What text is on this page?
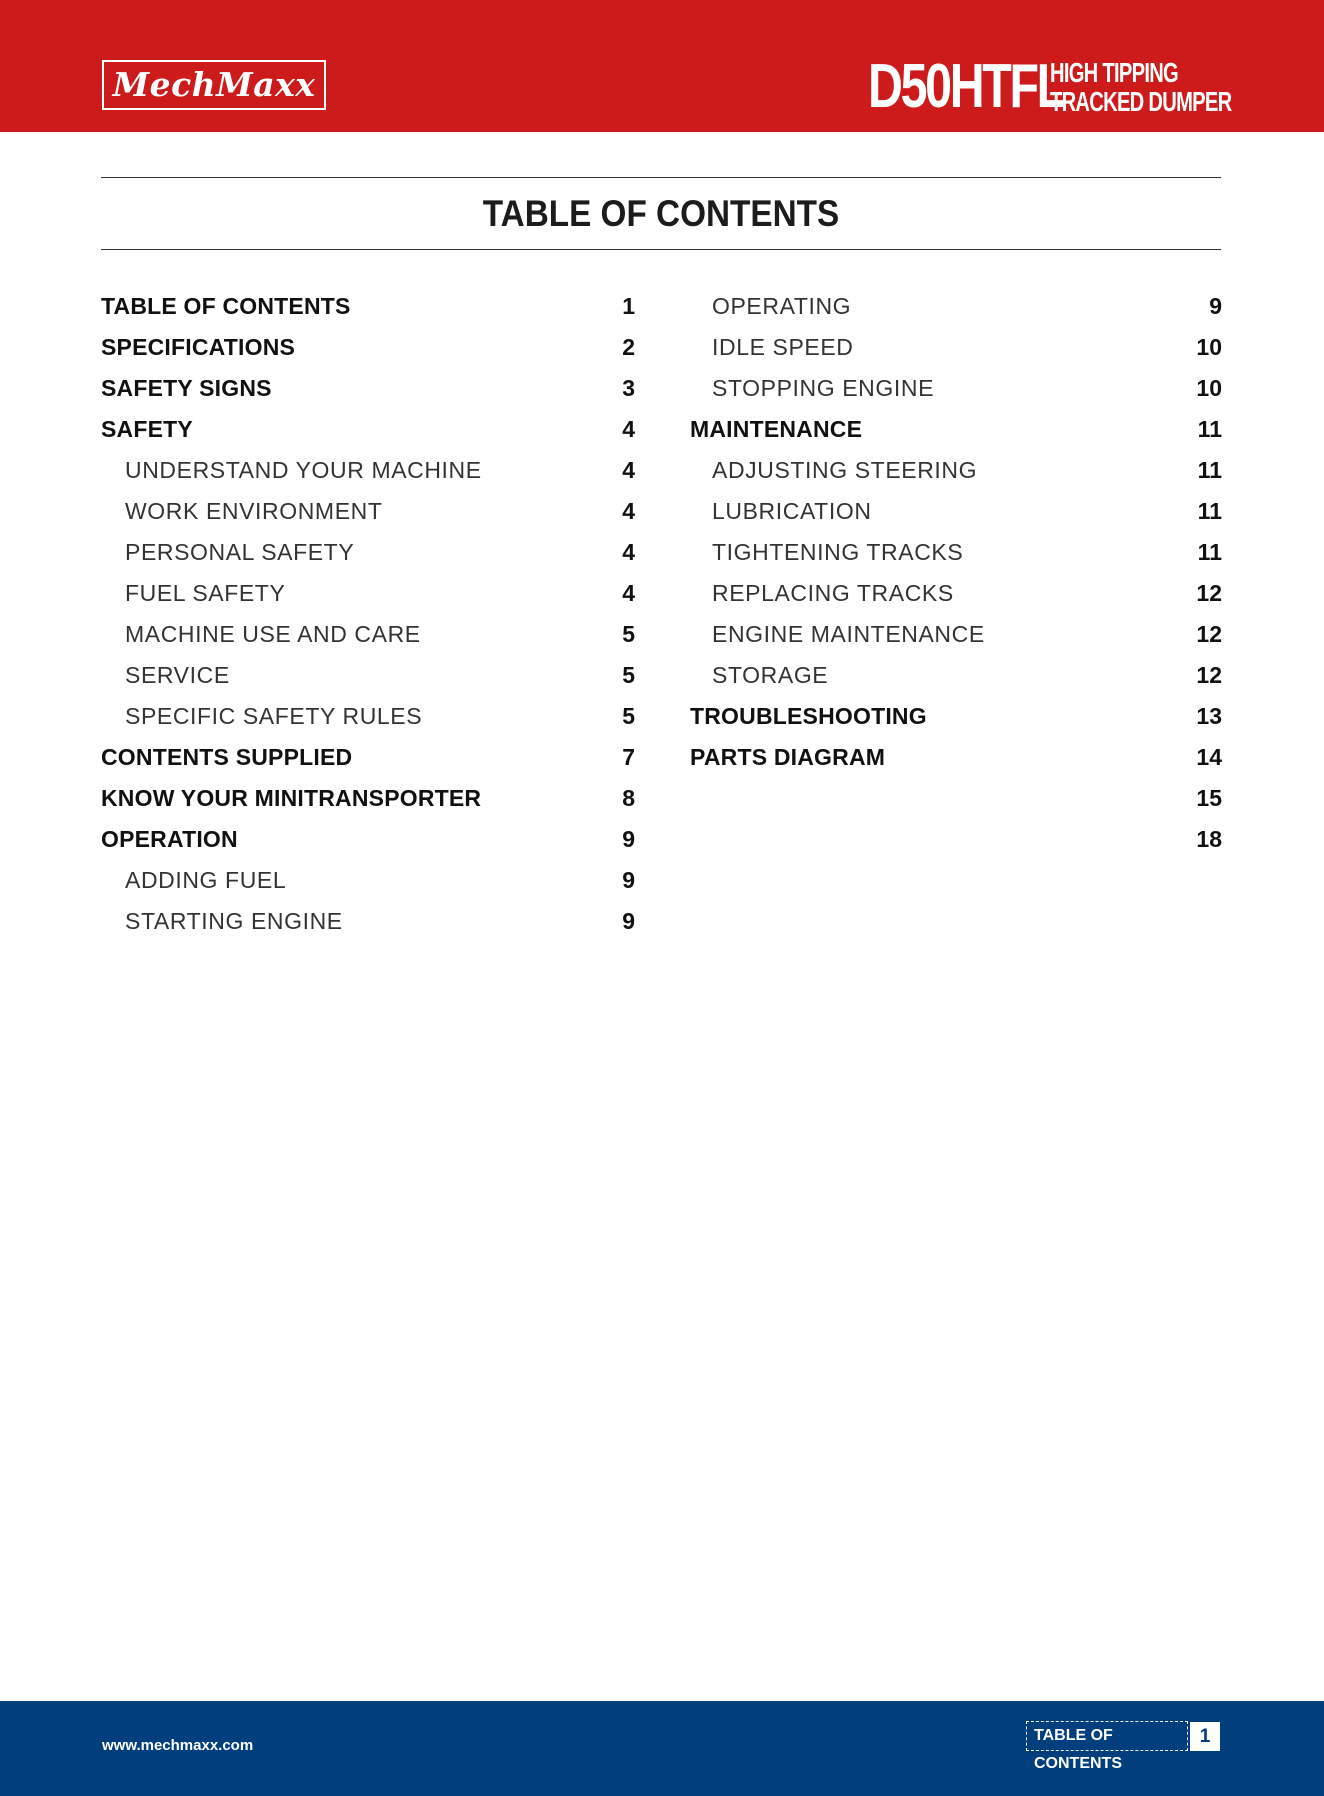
MechMaxx	D50HTFL
HIGH TIPPING
TRACKED DUMPER
TABLE OF CONTENTS
TABLE OF CONTENTS	1
SPECIFICATIONS	2
SAFETY SIGNS	3
SAFETY	4
UNDERSTAND YOUR MACHINE	4
WORK ENVIRONMENT	4
PERSONAL SAFETY	4
FUEL SAFETY	4
MACHINE USE AND CARE	5
SERVICE	5
SPECIFIC SAFETY RULES	5
CONTENTS SUPPLIED	7
KNOW YOUR MINITRANSPORTER	8
OPERATION	9
ADDING FUEL	9
STARTING ENGINE	9
OPERATING	9
IDLE SPEED	10
STOPPING ENGINE	10
MAINTENANCE	11
ADJUSTING STEERING	11
LUBRICATION	11
TIGHTENING TRACKS	11
REPLACING TRACKS	12
ENGINE MAINTENANCE	12
STORAGE	12
TROUBLESHOOTING	13
PARTS DIAGRAM	14
15
18
www.mechmaxx.com
TABLE OF CONTENTS
1
